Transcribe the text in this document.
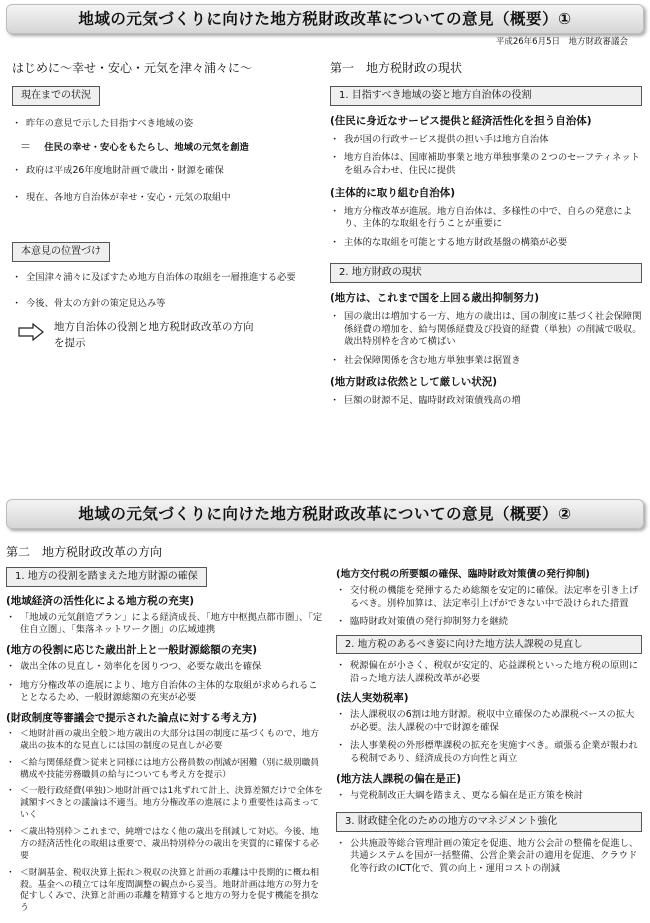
地域の元気づくりに向けた地方税財政改革についての意見（概要）①
平成26年6月5日　地方財政審議会
はじめに～幸せ・安心・元気を津々浦々に～
現在までの状況
・ 昨年の意見で示した目指すべき地域の姿
＝ 住民の幸せ・安心をもたらし、地域の元気を創造
・ 政府は平成26年度地財計画で歳出・財源を確保
・ 現在、各地方自治体が幸せ・安心・元気の取組中
本意見の位置づけ
・ 全国津々浦々に及ぼすため地方自治体の取組を一層推進する必要
・ 今後、骨太の方針の策定見込み等
地方自治体の役割と地方税財政改革の方向
を提示
第一　地方税財政の現状
1. 目指すべき地域の姿と地方自治体の役割
(住民に身近なサービス提供と経済活性化を担う自治体)
・ 我が国の行政サービス提供の担い手は地方自治体
・ 地方自治体は、国庫補助事業と地方単独事業の２つのセーフティネットを組み合わせ、住民に提供
(主体的に取り組む自治体)
・ 地方分権改革が進展。地方自治体は、多様性の中で、自らの発意により、主体的な取組を行うことが重要に
・ 主体的な取組を可能とする地方財政基盤の構築が必要
2. 地方財政の現状
(地方は、これまで国を上回る歳出抑制努力)
・ 国の歳出は増加する一方、地方の歳出は、国の制度に基づく社会保障関係経費の増加を、給与関係経費及び投資的経費（単独）の削減で吸収。歳出特別枠を含めて横ばい
・ 社会保障関係を含む地方単独事業は据置き
(地方財政は依然として厳しい状況)
・ 巨額の財源不足、臨時財政対策債残高の増
地域の元気づくりに向けた地方税財政改革についての意見（概要）②
第二　地方税財政改革の方向
1. 地方の役割を踏まえた地方財源の確保
(地域経済の活性化による地方税の充実)
・ 「地域の元気創造プラン」による経済成長、「地方中枢拠点都市圏」、「定住自立圏」、「集落ネットワーク圏」の広域連携
(地方の役割に応じた歳出計上と一般財源総額の充実)
・ 歳出全体の見直し・効率化を図りつつ、必要な歳出を確保
・ 地方分権改革の進展により、地方自治体の主体的な取組が求められることとなるため、一般財源総額の充実が必要
(財政制度等審議会で提示された論点に対する考え方)
・ ＜地財計画の歳出全般＞地方歳出の大部分は国の制度に基づくもので、地方歳出の抜本的な見直しには国の制度の見直しが必要
・ ＜給与関係経費＞従来と同様には地方公務員数の削減が困難（別に級別職員構成や技能労務職員の給与についても考え方を提示）
・ ＜一般行政経費(単独)＞地財計画では1兆ずれて計上、決算差額だけで全体を減額すべきとの議論は不適当。地方分権改革の進展により重要性は高まっていく
・ ＜歳出特別枠＞これまで、純増ではなく他の歳出を削減して対応。今後、地方の経済活性化の取組は重要で、歳出特別枠分の歳出を実質的に確保する必要
・ ＜財調基金、税収決算上振れ＞税収の決算と計画の乖離は中長期的に概ね相殺。基金への積立ては年度間調整の観点から妥当。地財計画は地方の努力を促すしくみで、決算と計画の乖離を精算すると地方の努力を促す機能を損なう
(地方交付税の所要額の確保、臨時財政対策債の発行抑制)
・ 交付税の機能を発揮するため総額を安定的に確保。法定率を引き上げるべき。別枠加算は、法定率引上げができない中で設けられた措置
・ 臨時財政対策債の発行抑制努力を継続
2. 地方税のあるべき姿に向けた地方法人課税の見直し
・ 税源偏在が小さく、税収が安定的、応益課税といった地方税の原則に沿った地方法人課税改革が必要
(法人実効税率)
・ 法人課税収の6割は地方財源。税収中立確保のため課税ベースの拡大が必要。法人課税の中で財源を確保
・ 法人事業税の外形標準課税の拡充を実施すべき。頑張る企業が報われる税制であり、経済成長の方向性と両立
(地方法人課税の偏在是正)
・ 与党税制改正大綱を踏まえ、更なる偏在是正方策を検討
3. 財政健全化のための地方のマネジメント強化
・ 公共施設等総合管理計画の策定を促進、地方公会計の整備を促進し、共通システムを国が一括整備、公営企業会計の適用を促進、クラウド化等行政のICT化で、質の向上・運用コストの削減
